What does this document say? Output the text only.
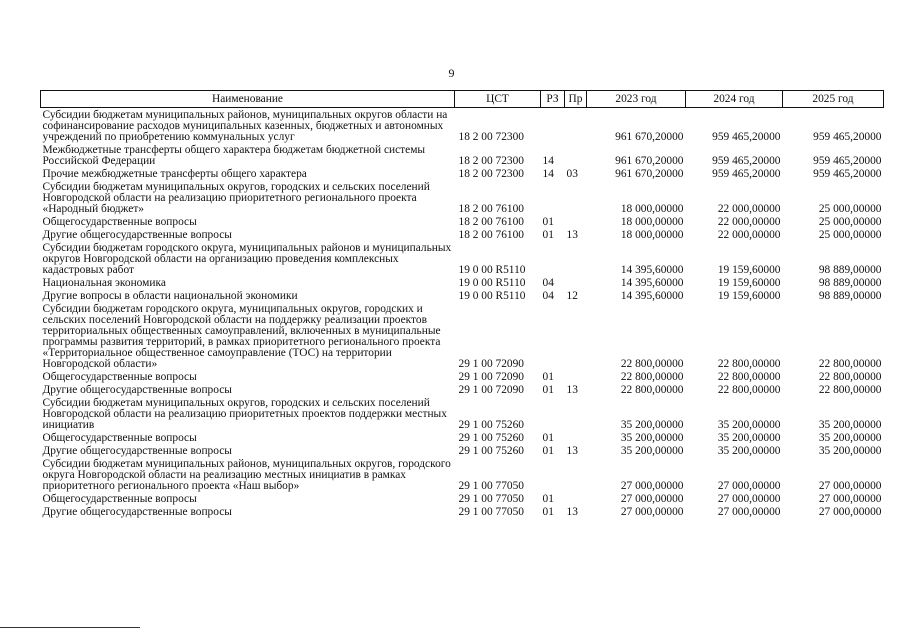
9
Наименование	ЦСТ	РЗ	Пр	2023 год	2024 год	2025 год
Субсидии бюджетам муниципальных районов, муниципальных округов области на софинансирование расходов муниципальных казенных, бюджетных и автономных учреждений по приобретению коммунальных услуг	18 2 00 72300			961 670,20000	959 465,20000	959 465,20000
Межбюджетные трансферты общего характера бюджетам бюджетной системы Российской Федерации	18 2 00 72300	14		961 670,20000	959 465,20000	959 465,20000
Прочие межбюджетные трансферты общего характера	18 2 00 72300	14	03	961 670,20000	959 465,20000	959 465,20000
Субсидии бюджетам муниципальных округов, городских и сельских поселений Новгородской области на реализацию приоритетного регионального проекта «Народный бюджет»	18 2 00 76100			18 000,00000	22 000,00000	25 000,00000
Общегосударственные вопросы	18 2 00 76100	01		18 000,00000	22 000,00000	25 000,00000
Другие общегосударственные вопросы	18 2 00 76100	01	13	18 000,00000	22 000,00000	25 000,00000
Субсидии бюджетам городского округа, муниципальных районов и муниципальных округов Новгородской области на организацию проведения комплексных кадастровых работ	19 0 00 R5110			14 395,60000	19 159,60000	98 889,00000
Национальная экономика	19 0 00 R5110	04		14 395,60000	19 159,60000	98 889,00000
Другие вопросы в области национальной экономики	19 0 00 R5110	04	12	14 395,60000	19 159,60000	98 889,00000
Субсидии бюджетам городского округа, муниципальных округов, городских и сельских поселений Новгородской области на поддержку реализации проектов территориальных общественных самоуправлений, включенных в муниципальные программы развития территорий, в рамках приоритетного регионального проекта «Территориальное общественное самоуправление (ТОС) на территории Новгородской области»	29 1 00 72090			22 800,00000	22 800,00000	22 800,00000
Общегосударственные вопросы	29 1 00 72090	01		22 800,00000	22 800,00000	22 800,00000
Другие общегосударственные вопросы	29 1 00 72090	01	13	22 800,00000	22 800,00000	22 800,00000
Субсидии бюджетам муниципальных округов, городских и сельских поселений Новгородской области на реализацию приоритетных проектов поддержки местных инициатив	29 1 00 75260			35 200,00000	35 200,00000	35 200,00000
Общегосударственные вопросы	29 1 00 75260	01		35 200,00000	35 200,00000	35 200,00000
Другие общегосударственные вопросы	29 1 00 75260	01	13	35 200,00000	35 200,00000	35 200,00000
Субсидии бюджетам муниципальных районов, муниципальных округов, городского округа Новгородской области на реализацию местных инициатив в рамках приоритетного регионального проекта «Наш выбор»	29 1 00 77050			27 000,00000	27 000,00000	27 000,00000
Общегосударственные вопросы	29 1 00 77050	01		27 000,00000	27 000,00000	27 000,00000
Другие общегосударственные вопросы	29 1 00 77050	01	13	27 000,00000	27 000,00000	27 000,00000
